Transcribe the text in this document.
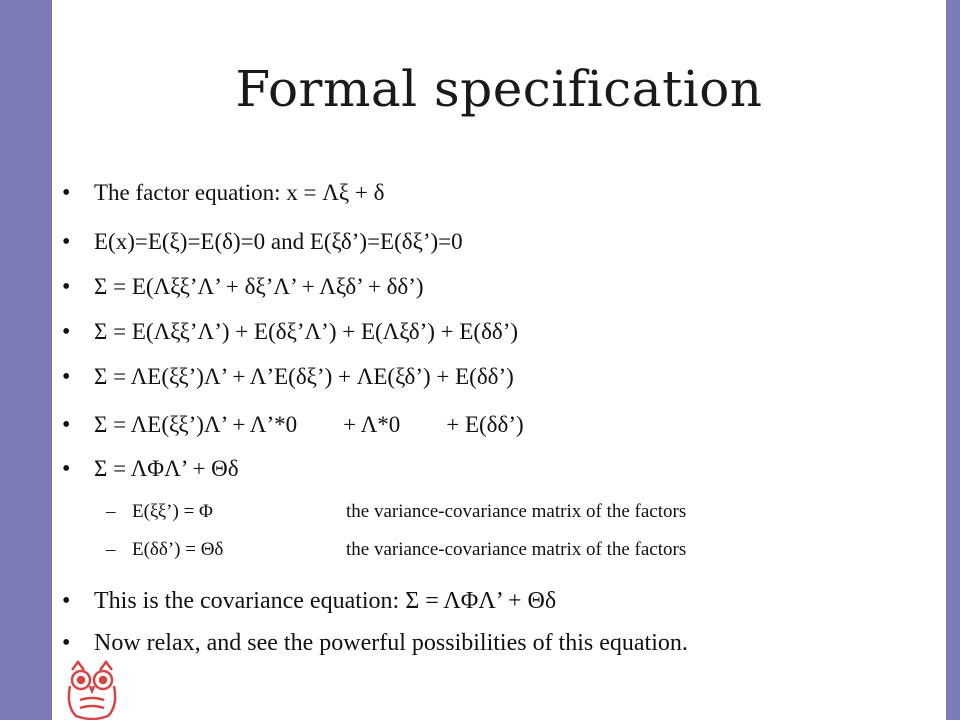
Formal specification
• The factor equation: x = Λξ + δ
• E(x)=E(ξ)=E(δ)=0 and E(ξδ’)=E(δξ’)=0
• Σ = E(Λξξ’Λ’ + δξ’Λ’ + Λξδ’ + δδ’)
• Σ = E(Λξξ’Λ’) + E(δξ’Λ’) + E(Λξδ’) + E(δδ’)
• Σ = ΛE(ξξ’)Λ’ + Λ’E(δξ’) + ΛE(ξδ’) + E(δδ’)
• Σ = ΛE(ξξ’)Λ’ + Λ’*0        + Λ*0        + E(δδ’)
• Σ = ΛΦΛ’ + Θδ
– E(ξξ’) = Φ	the variance-covariance matrix of the factors
– E(δδ’) = Θδ	the variance-covariance matrix of the factors
• This is the covariance equation: Σ = ΛΦΛ’ + Θδ
• Now relax, and see the powerful possibilities of this equation.
